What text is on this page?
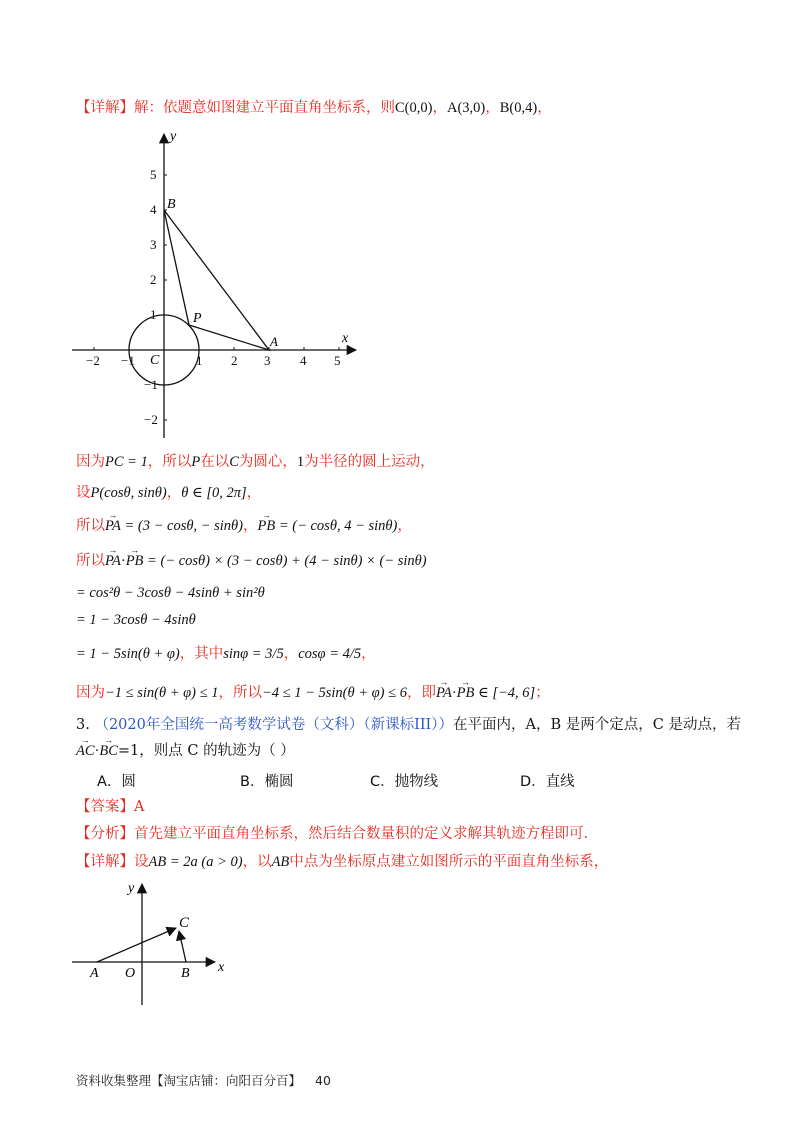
【详解】解：依题意如图建立平面直角坐标系，则C(0,0)，A(3,0)，B(0,4)，
−2 −1	1 2 3 4 5
5
4
3
2
1
−1
−2
x
y
B
P
A
C
因为PC = 1，所以P在以C为圆心，1为半径的圆上运动，
设P(cosθ, sinθ)，θ ∈ [0, 2π]，
所以→ PA = (3 − cosθ, − sinθ)，→ PB = (− cosθ, 4 − sinθ)，
所以→ PA·→ PB = (− cosθ) × (3 − cosθ) + (4 − sinθ) × (− sinθ)
= cos²θ − 3cosθ − 4sinθ + sin²θ
= 1 − 3cosθ − 4sinθ
= 1 − 5sin(θ + φ)，其中sinφ = 3/5，cosφ = 4/5，
因为−1 ≤ sin(θ + φ) ≤ 1，所以−4 ≤ 1 − 5sin(θ + φ) ≤ 6，即→ PA·→ PB ∈ [−4, 6]；
3. （2020年全国统一高考数学试卷（文科）（新课标III））在平面内，A，B 是两个定点，C 是动点，若
→ AC·→ BC=1，则点 C 的轨迹为（ ）
A．圆	B．椭圆	C．抛物线	D．直线
【答案】A
【分析】首先建立平面直角坐标系，然后结合数量积的定义求解其轨迹方程即可.
【详解】设AB = 2a (a > 0)，以AB中点为坐标原点建立如图所示的平面直角坐标系，
A O	B
C
x
y
资料收集整理【淘宝店铺：向阳百分百】 40
